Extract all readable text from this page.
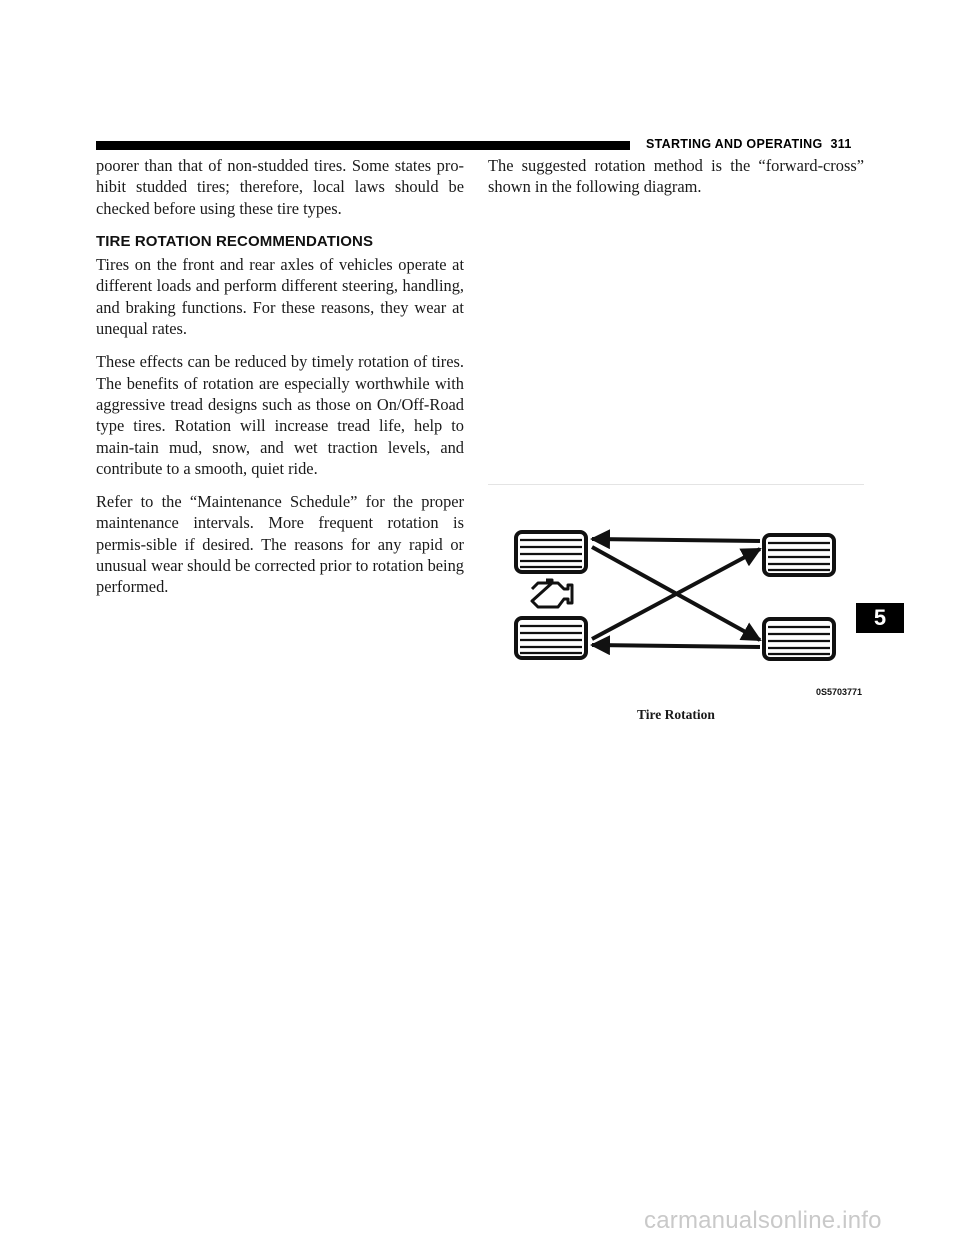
STARTING AND OPERATING 311

poorer than that of non-studded tires. Some states pro-hibit studded tires; therefore, local laws should be checked before using these tire types.

TIRE ROTATION RECOMMENDATIONS

Tires on the front and rear axles of vehicles operate at different loads and perform different steering, handling, and braking functions. For these reasons, they wear at unequal rates.

These effects can be reduced by timely rotation of tires. The benefits of rotation are especially worthwhile with aggressive tread designs such as those on On/Off-Road type tires. Rotation will increase tread life, help to main-tain mud, snow, and wet traction levels, and contribute to a smooth, quiet ride.

Refer to the “Maintenance Schedule” for the proper maintenance intervals. More frequent rotation is permis-sible if desired. The reasons for any rapid or unusual wear should be corrected prior to rotation being performed.

The suggested rotation method is the “forward-cross” shown in the following diagram.

0S5703771
Tire Rotation
5
carmanualsonline.info
